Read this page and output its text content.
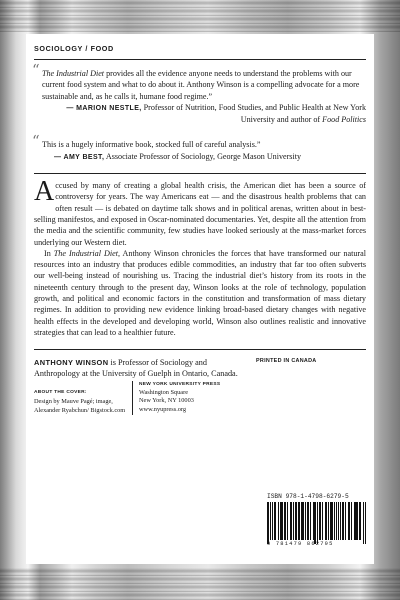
SOCIOLOGY / FOOD
“ The Industrial Diet provides all the evidence anyone needs to understand the problems with our current food system and what to do about it. Anthony Winson is a compelling advocate for a more sustainable and, as he calls it, humane food regime.”
— MARION NESTLE, Professor of Nutrition, Food Studies, and Public Health at New York University and author of Food Politics
“ This is a hugely informative book, stocked full of careful analysis.”
— AMY BEST, Associate Professor of Sociology, George Mason University

Accused by many of creating a global health crisis, the American diet has been a source of controversy for years. The way Americans eat — and the disastrous health problems that can often result — is debated on daytime talk shows and in political arenas, written about in best-selling manifestos, and exposed in Oscar-nominated documentaries. Yet, despite all the attention from the media and the scientific community, few studies have looked seriously at the mass-market forces underlying our Western diet.

In The Industrial Diet, Anthony Winson chronicles the forces that have transformed our natural resources into an industry that produces edible commodities, an industry that far too often subverts our well-being instead of nourishing us. Tracing the industrial diet’s history from its roots in the nineteenth century through to the present day, Winson looks at the role of technology, population growth, and political and economic factors in the constitution and transformation of mass dietary regimes. In addition to providing new evidence linking broad-based dietary changes with negative health effects in the developed and developing world, Winson also outlines realistic and innovative strategies that can lead to a healthier future.

ANTHONY WINSON is Professor of Sociology and Anthropology at the University of Guelph in Ontario, Canada.
PRINTED IN CANADA
ABOUT THE COVER:
Design by Mauve Pagé; image, Alexander Ryabchun/ Bigstock.com
NEW YORK UNIVERSITY PRESS
Washington Square
New York, NY 10003
www.nyupress.org
ISBN 978-1-4798-6279-5
9 781479 862795
